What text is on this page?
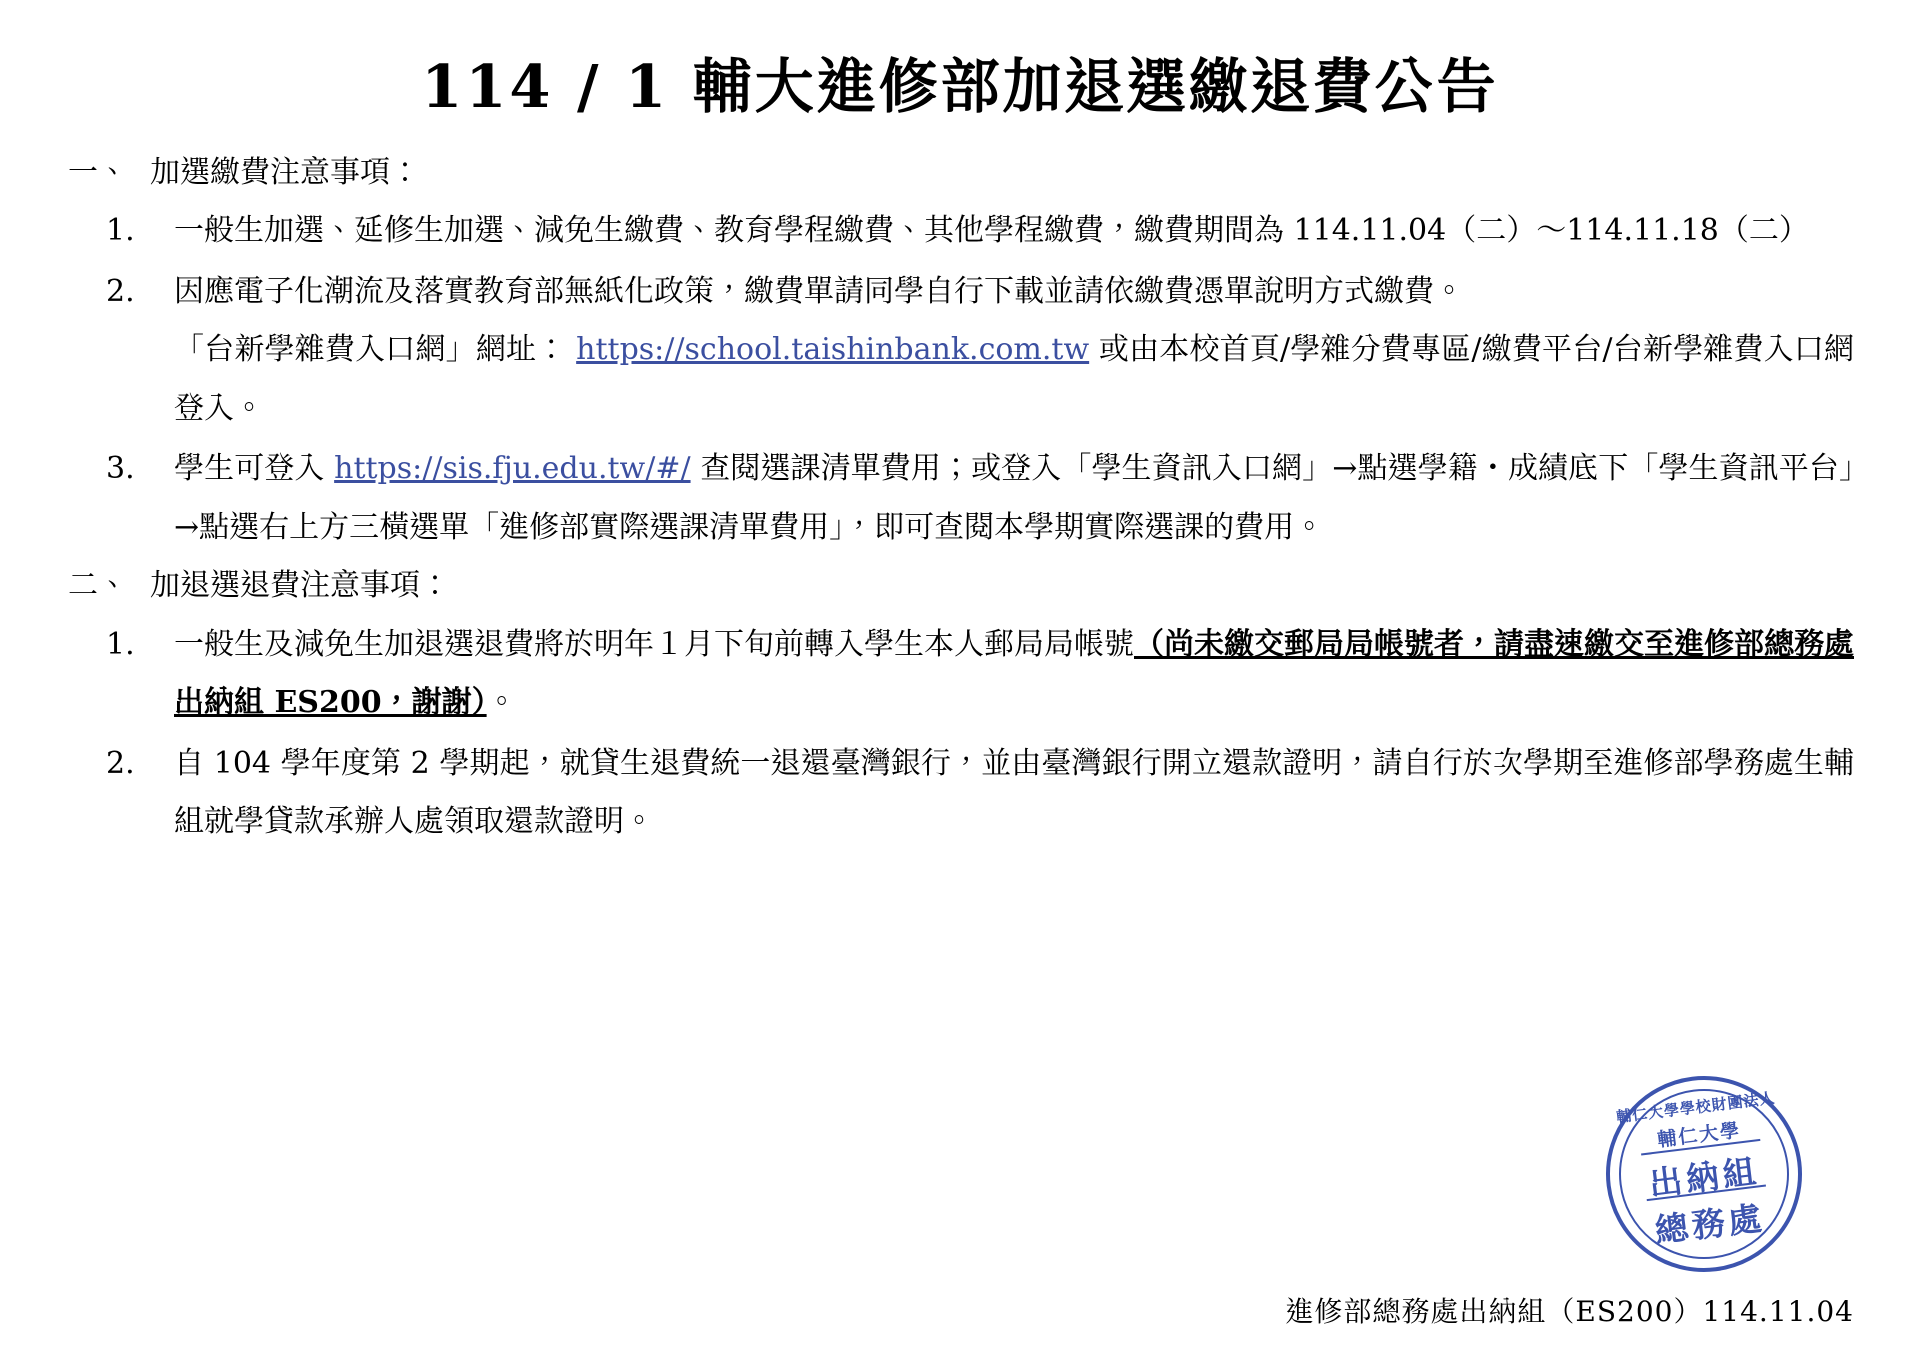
114 / 1 輔大進修部加退選繳退費公告
一、 加選繳費注意事項：
1.	一般生加選、延修生加選、減免生繳費、教育學程繳費、其他學程繳費，繳費期間為 114.11.04（二）～114.11.18（二）
2.	因應電子化潮流及落實教育部無紙化政策，繳費單請同學自行下載並請依繳費憑單說明方式繳費。
「台新學雜費入口網」網址： https://school.taishinbank.com.tw 或由本校首頁/學雜分費專區/繳費平台/台新學雜費入口網登入。
3.	學生可登入 https://sis.fju.edu.tw/#/ 查閱選課清單費用；或登入「學生資訊入口網」→點選學籍・成績底下「學生資訊平台」→點選右上方三橫選單「進修部實際選課清單費用」，即可查閱本學期實際選課的費用。
二、 加退選退費注意事項：
1.	一般生及減免生加退選退費將於明年１月下旬前轉入學生本人郵局局帳號（尚未繳交郵局局帳號者，請盡速繳交至進修部總務處出納組 ES200，謝謝）。
2.	自 104 學年度第 2 學期起，就貸生退費統一退還臺灣銀行，並由臺灣銀行開立還款證明，請自行於次學期至進修部學務處生輔組就學貸款承辦人處領取還款證明。
輔仁大學學校財團法人
輔仁大學
出納組
總務處
進修部總務處出納組（ES200）114.11.04
